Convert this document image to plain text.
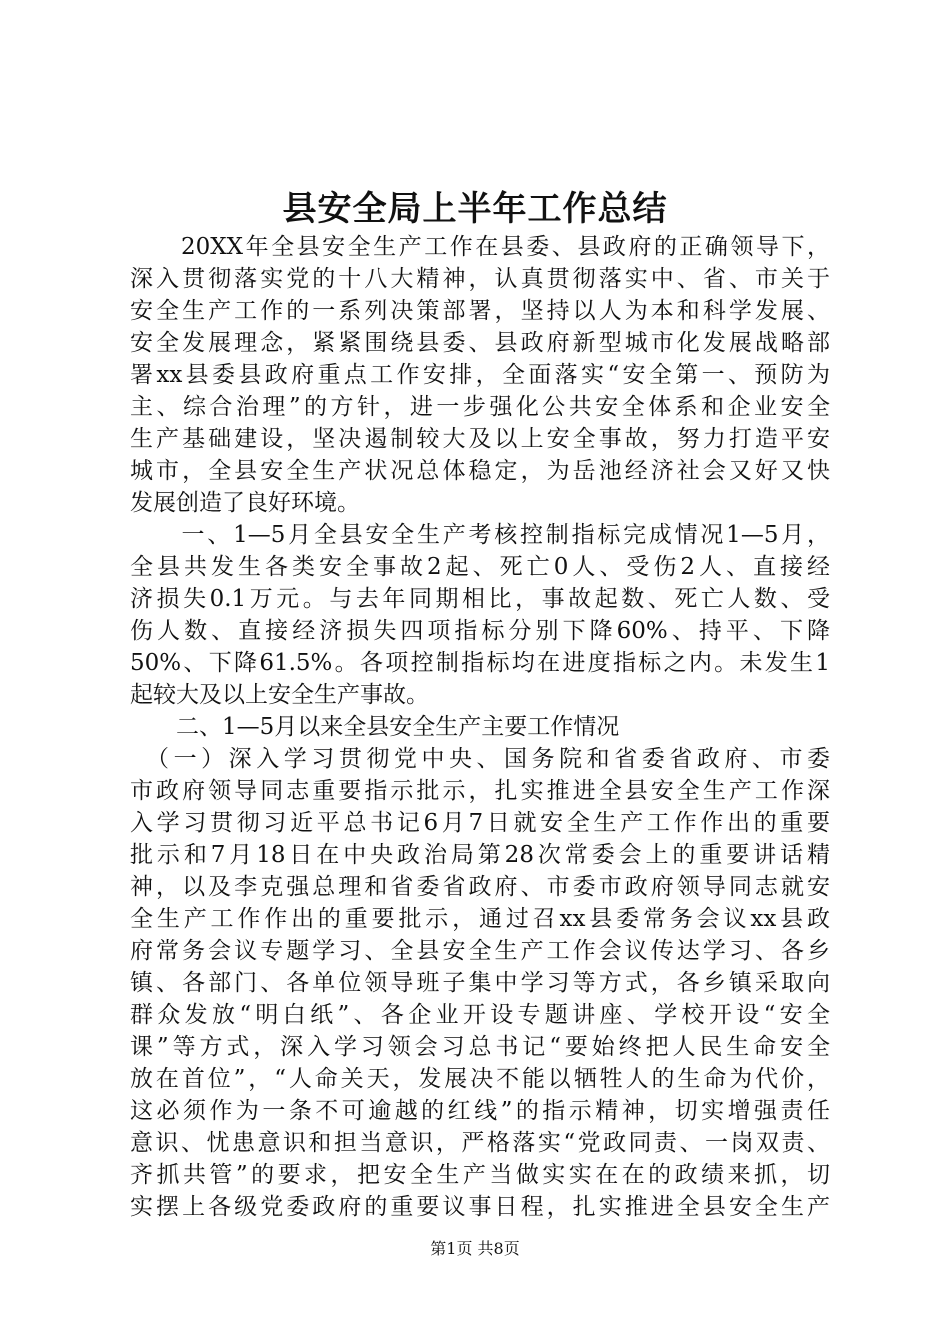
县安全局上半年工作总结
　　20XX年全县安全生产工作在县委、县政府的正确领导下，
深入贯彻落实党的十八大精神，认真贯彻落实中、省、市关于
安全生产工作的一系列决策部署，坚持以人为本和科学发展、
安全发展理念，紧紧围绕县委、县政府新型城市化发展战略部
署xx县委县政府重点工作安排，全面落实“安全第一、预防为
主、综合治理”的方针，进一步强化公共安全体系和企业安全
生产基础建设，坚决遏制较大及以上安全事故，努力打造平安
城市，全县安全生产状况总体稳定，为岳池经济社会又好又快
发展创造了良好环境。
　　一、1—5月全县安全生产考核控制指标完成情况1—5月，
全县共发生各类安全事故2起、死亡0人、受伤2人、直接经
济损失0.1万元。与去年同期相比，事故起数、死亡人数、受
伤人数、直接经济损失四项指标分别下降60%、持平、下降
50%、下降61.5%。各项控制指标均在进度指标之内。未发生1
起较大及以上安全生产事故。
　　二、1—5月以来全县安全生产主要工作情况
　（一）深入学习贯彻党中央、国务院和省委省政府、市委
市政府领导同志重要指示批示，扎实推进全县安全生产工作深
入学习贯彻习近平总书记6月7日就安全生产工作作出的重要
批示和7月18日在中央政治局第28次常委会上的重要讲话精
神，以及李克强总理和省委省政府、市委市政府领导同志就安
全生产工作作出的重要批示，通过召xx县委常务会议xx县政
府常务会议专题学习、全县安全生产工作会议传达学习、各乡
镇、各部门、各单位领导班子集中学习等方式，各乡镇采取向
群众发放“明白纸”、各企业开设专题讲座、学校开设“安全
课”等方式，深入学习领会习总书记“要始终把人民生命安全
放在首位”，“人命关天，发展决不能以牺牲人的生命为代价，
这必须作为一条不可逾越的红线”的指示精神，切实增强责任
意识、忧患意识和担当意识，严格落实“党政同责、一岗双责、
齐抓共管”的要求，把安全生产当做实实在在的政绩来抓，切
实摆上各级党委政府的重要议事日程，扎实推进全县安全生产
第1页 共8页
